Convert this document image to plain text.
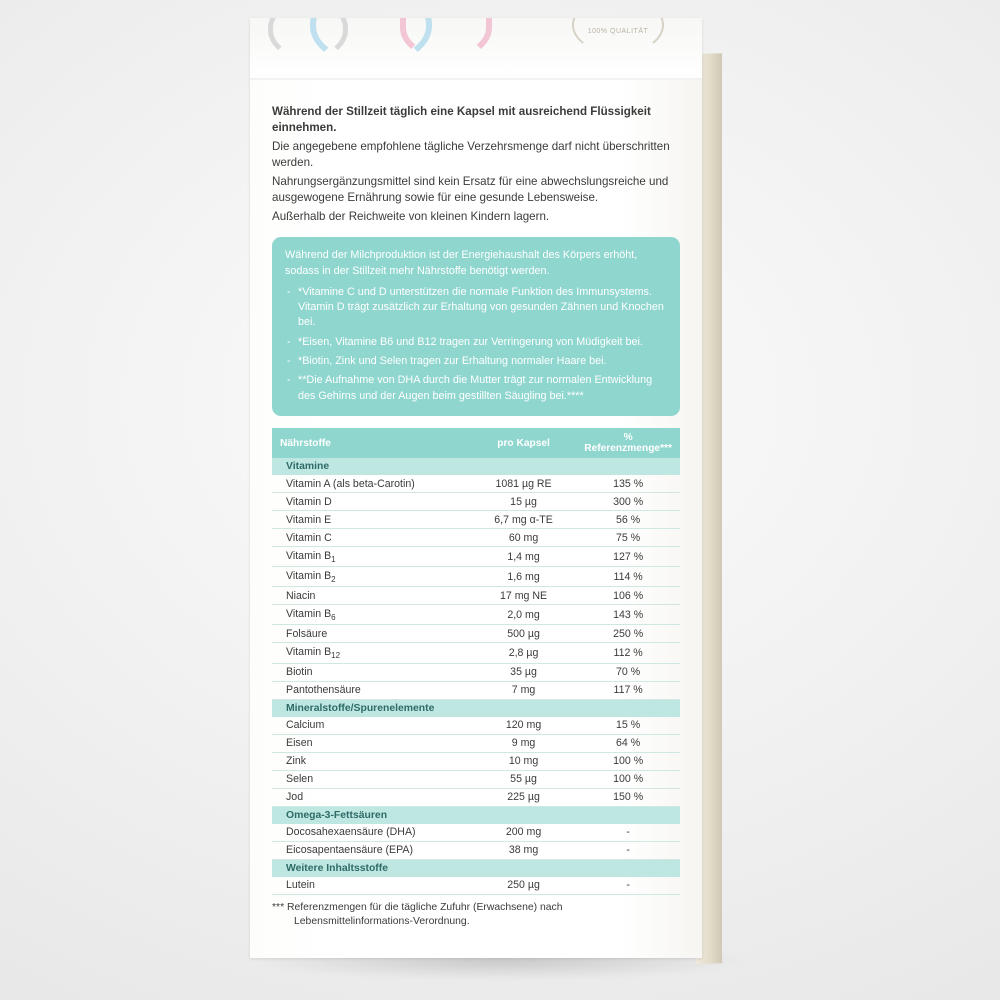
100% QUALITÄT

Während der Stillzeit täglich eine Kapsel mit ausreichend Flüssigkeit einnehmen.

Die angegebene empfohlene tägliche Verzehrsmenge darf nicht überschritten werden.

Nahrungsergänzungsmittel sind kein Ersatz für eine abwechslungsreiche und ausgewogene Ernährung sowie für eine gesunde Lebensweise.

Außerhalb der Reichweite von kleinen Kindern lagern.

Während der Milchproduktion ist der Energiehaushalt des Körpers erhöht, sodass in der Stillzeit mehr Nährstoffe benötigt werden.

- *Vitamine C und D unterstützen die normale Funktion des Immunsystems. Vitamin D trägt zusätzlich zur Erhaltung von gesunden Zähnen und Knochen bei.
- *Eisen, Vitamine B6 und B12 tragen zur Verringerung von Müdigkeit bei.
- *Biotin, Zink und Selen tragen zur Erhaltung normaler Haare bei.
- **Die Aufnahme von DHA durch die Mutter trägt zur normalen Entwicklung des Gehirns und der Augen beim gestillten Säugling bei.****
Nährstoffe	pro Kapsel	% Referenzmenge***
Vitamine		
Vitamin A (als beta-Carotin)	1081 µg RE	135 %
Vitamin D	15 µg	300 %
Vitamin E	6,7 mg α-TE	56 %
Vitamin C	60 mg	75 %
Vitamin $B_1$	1,4 mg	127 %
Vitamin $B_2$	1,6 mg	114 %
Niacin	17 mg NE	106 %
Vitamin $B_6$	2,0 mg	143 %
Folsäure	500 µg	250 %
Vitamin $B_{12}$	2,8 µg	112 %
Biotin	35 µg	70 %
Pantothensäure	7 mg	117 %
Mineralstoffe/Spurenelemente		
Calcium	120 mg	15 %
Eisen	9 mg	64 %
Zink	10 mg	100 %
Selen	55 µg	100 %
Jod	225 µg	150 %
Omega-3-Fettsäuren		
Docosahexaensäure (DHA)	200 mg	-
Eicosapentaensäure (EPA)	38 mg	-
Weitere Inhaltsstoffe		
Lutein	250 µg	-
*** Referenzmengen für die tägliche Zufuhr (Erwachsene) nach
Lebensmittelinformations-Verordnung.
